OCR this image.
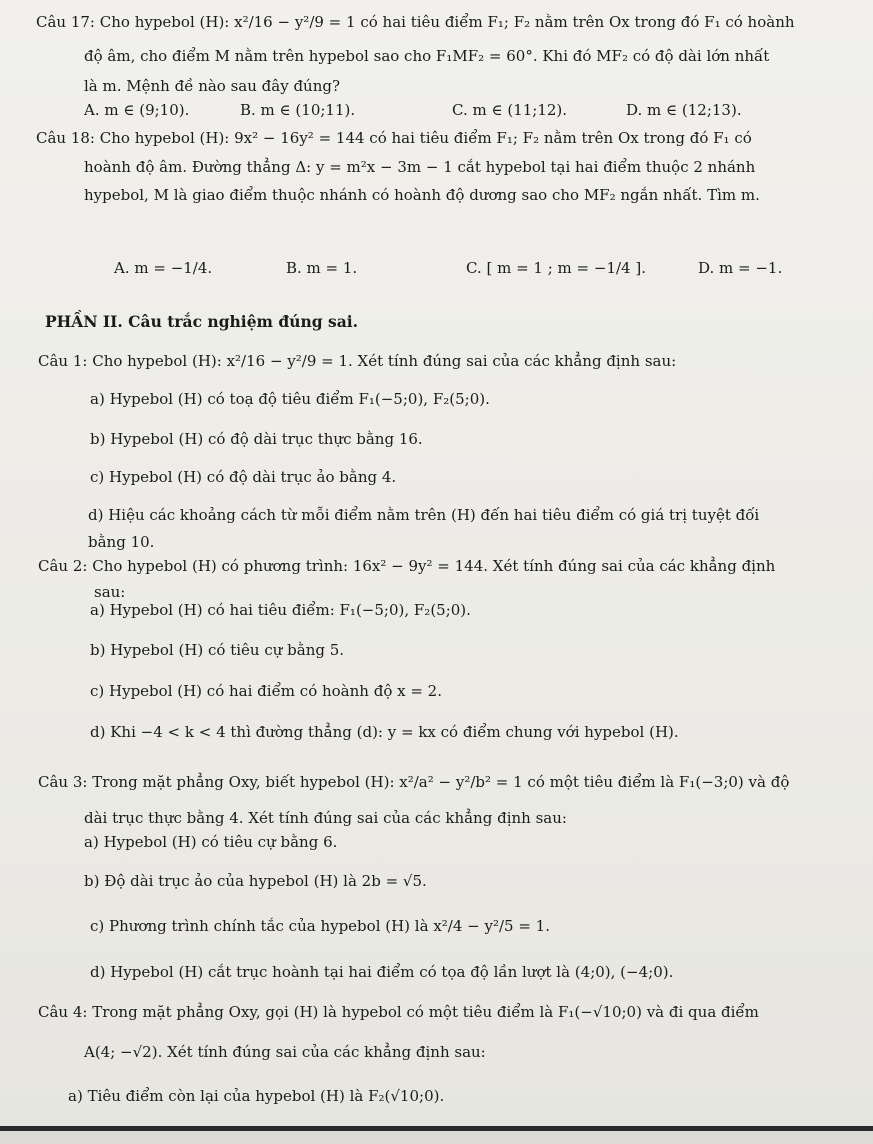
Câu 17: Cho hypebol (H): x²/16 − y²/9 = 1 có hai tiêu điểm F₁; F₂ nằm trên Ox trong đó F₁ có hoành
độ âm, cho điểm M nằm trên hypebol sao cho F₁MF₂ = 60°. Khi đó MF₂ có độ dài lớn nhất
là m. Mệnh đề nào sau đây đúng?
Câu 18: Cho hypebol (H): 9x² − 16y² = 144 có hai tiêu điểm F₁; F₂ nằm trên Ox trong đó F₁ có
hoành độ âm. Đường thẳng Δ: y = m²x − 3m − 1 cắt hypebol tại hai điểm thuộc 2 nhánh
hypebol, M là giao điểm thuộc nhánh có hoành độ dương sao cho MF₂ ngắn nhất. Tìm m.
Câu 1: Cho hypebol (H): x²/16 − y²/9 = 1. Xét tính đúng sai của các khẳng định sau:
a) Hypebol (H) có toạ độ tiêu điểm F₁(−5;0), F₂(5;0).
b) Hypebol (H) có độ dài trục thực bằng 16.
c) Hypebol (H) có độ dài trục ảo bằng 4.
d) Hiệu các khoảng cách từ mỗi điểm nằm trên (H) đến hai tiêu điểm có giá trị tuyệt đối
bằng 10.
Câu 2: Cho hypebol (H) có phương trình: 16x² − 9y² = 144. Xét tính đúng sai của các khẳng định
sau:
a) Hypebol (H) có hai tiêu điểm: F₁(−5;0), F₂(5;0).
b) Hypebol (H) có tiêu cự bằng 5.
c) Hypebol (H) có hai điểm có hoành độ x = 2.
d) Khi −4 < k < 4 thì đường thẳng (d): y = kx có điểm chung với hypebol (H).
Câu 3: Trong mặt phẳng Oxy, biết hypebol (H): x²/a² − y²/b² = 1 có một tiêu điểm là F₁(−3;0) và độ
dài trục thực bằng 4. Xét tính đúng sai của các khẳng định sau:
a) Hypebol (H) có tiêu cự bằng 6.
b) Độ dài trục ảo của hypebol (H) là 2b = √5.
c) Phương trình chính tắc của hypebol (H) là x²/4 − y²/5 = 1.
d) Hypebol (H) cắt trục hoành tại hai điểm có tọa độ lần lượt là (4;0), (−4;0).
Câu 4: Trong mặt phẳng Oxy, gọi (H) là hypebol có một tiêu điểm là F₁(−√10;0) và đi qua điểm
A(4; −√2). Xét tính đúng sai của các khẳng định sau:
a) Tiêu điểm còn lại của hypebol (H) là F₂(√10;0).
A. m ∈ (9;10).	B. m ∈ (10;11).	C. m ∈ (11;12).	D. m ∈ (12;13).
A. m = −1/4.	B. m = 1.	C. [ m = 1 ; m = −1/4 ].	D. m = −1.
PHẦN II. Câu trắc nghiệm đúng sai.
